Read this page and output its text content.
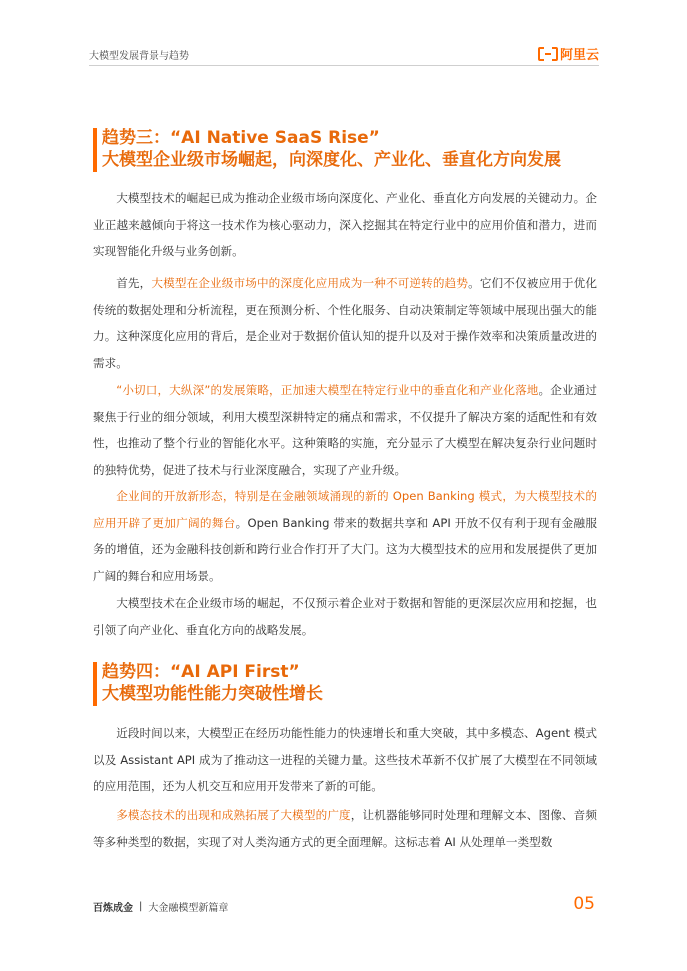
大模型发展背景与趋势	阿里云
趋势三：“AI Native SaaS Rise”
大模型企业级市场崛起，向深度化、产业化、垂直化方向发展

大模型技术的崛起已成为推动企业级市场向深度化、产业化、垂直化方向发展的关键动力。企业正越来越倾向于将这一技术作为核心驱动力，深入挖掘其在特定行业中的应用价值和潜力，进而实现智能化升级与业务创新。

首先，大模型在企业级市场中的深度化应用成为一种不可逆转的趋势。它们不仅被应用于优化传统的数据处理和分析流程，更在预测分析、个性化服务、自动决策制定等领域中展现出强大的能力。这种深度化应用的背后，是企业对于数据价值认知的提升以及对于操作效率和决策质量改进的需求。

“小切口，大纵深”的发展策略，正加速大模型在特定行业中的垂直化和产业化落地。企业通过聚焦于行业的细分领域，利用大模型深耕特定的痛点和需求，不仅提升了解决方案的适配性和有效性，也推动了整个行业的智能化水平。这种策略的实施，充分显示了大模型在解决复杂行业问题时的独特优势，促进了技术与行业深度融合，实现了产业升级。

企业间的开放新形态，特别是在金融领域涌现的新的 Open Banking 模式，为大模型技术的应用开辟了更加广阔的舞台。Open Banking 带来的数据共享和 API 开放不仅有利于现有金融服务的增值，还为金融科技创新和跨行业合作打开了大门。这为大模型技术的应用和发展提供了更加广阔的舞台和应用场景。

大模型技术在企业级市场的崛起，不仅预示着企业对于数据和智能的更深层次应用和挖掘，也引领了向产业化、垂直化方向的战略发展。

趋势四：“AI API First”
大模型功能性能力突破性增长

近段时间以来，大模型正在经历功能性能力的快速增长和重大突破，其中多模态、Agent 模式以及 Assistant API 成为了推动这一进程的关键力量。这些技术革新不仅扩展了大模型在不同领域的应用范围，还为人机交互和应用开发带来了新的可能。

多模态技术的出现和成熟拓展了大模型的广度，让机器能够同时处理和理解文本、图像、音频等多种类型的数据，实现了对人类沟通方式的更全面理解。这标志着 AI 从处理单一类型数

百炼成金 | 大金融模型新篇章	05
